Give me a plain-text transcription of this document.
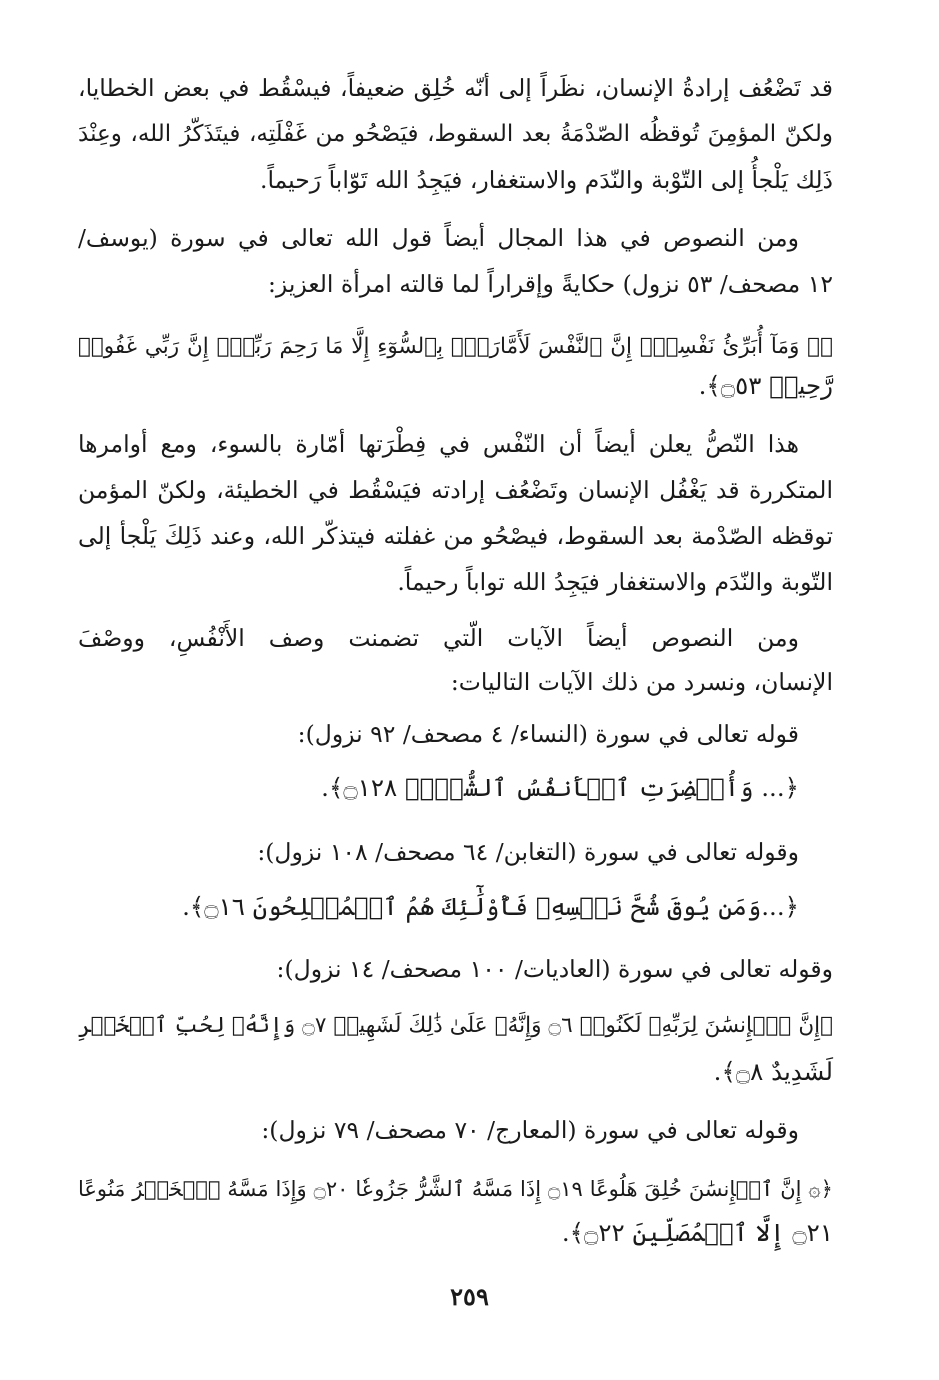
قد تَضْعُف إرادةُ الإنسان، نظَراً إلى أنّه خُلِق ضعيفاً، فيسْقُط في بعض الخطايا،
ولكنّ المؤمِنَ تُوقظُه الصّدْمَةُ بعد السقوط، فيَصْحُو من غَفْلَتِه، فيتَذَكّرُ الله، وعِنْدَ
ذَلِك يَلْجأُ إلى التّوْبة والنّدَم والاستغفار، فيَجِدُ الله تَوّاباً رَحيماً.
ومن النصوص في هذا المجال أيضاً قول الله تعالى في سورة (يوسف/
١٢ مصحف/ ٥٣ نزول) حكايةً وإقراراً لما قالته امرأة العزيز:
﴿۞ وَمَآ أُبَرِّئُ نَفْسِيٓۚ إِنَّ ٱلنَّفْسَ لَأَمَّارَةُۢ بِٱلسُّوٓءِ إِلَّا مَا رَحِمَ رَبِّيٓۚ إِنَّ رَبِّي غَفُورٞ
رَّحِيمٞ ۝٥٣﴾.
هذا النّصُّ يعلن أيضاً أن النّفْس في فِطْرَتها أمّارة بالسوء، ومع أوامرها
المتكررة قد يَغْفُل الإنسان وتَضْعُف إرادته فيَسْقُط في الخطيئة، ولكنّ المؤمن
توقظه الصّدْمة بعد السقوط، فيصْحُو من غفلته فيتذكّر الله، وعند ذَلِكَ يَلْجأ إلى
التّوبة والنّدَم والاستغفار فيَجِدُ الله تواباً رحيماً.
ومن النصوص أيضاً الآيات الّتي تضمنت وصف الأَنْفُسِ، ووصْفَ
الإنسان، ونسرد من ذلك الآيات التاليات:
قوله تعالى في سورة (النساء/ ٤ مصحف/ ٩٢ نزول):
﴿... وَأُحۡضِرَتِ ٱلۡأَنفُسُ ٱلشُّحَّۚ ۝١٢٨﴾.
وقوله تعالى في سورة (التغابن/ ٦٤ مصحف/ ١٠٨ نزول):
﴿...وَمَن يُوقَ شُحَّ نَفۡسِهِۦ فَأُوْلَٰٓئِكَ هُمُ ٱلۡمُفۡلِحُونَ ۝١٦﴾.
وقوله تعالى في سورة (العاديات/ ١٠٠ مصحف/ ١٤ نزول):
﴿إِنَّ ٱلۡإِنسَٰنَ لِرَبِّهِۦ لَكَنُودٞ ۝٦ وَإِنَّهُۥ عَلَىٰ ذَٰلِكَ لَشَهِيدٞ ۝٧ وَإِنَّهُۥ لِحُبِّ ٱلۡخَيۡرِ
لَشَدِيدٌ ۝٨﴾.
وقوله تعالى في سورة (المعارج/ ٧٠ مصحف/ ٧٩ نزول):
﴿۞ إِنَّ ٱلۡإِنسَٰنَ خُلِقَ هَلُوعًا ۝١٩ إِذَا مَسَّهُ ٱلشَّرُّ جَزُوعٗا ۝٢٠ وَإِذَا مَسَّهُ ٱلۡخَيۡرُ مَنُوعًا
۝٢١ إِلَّا ٱلۡمُصَلِّينَ ۝٢٢﴾.
٢٥٩
